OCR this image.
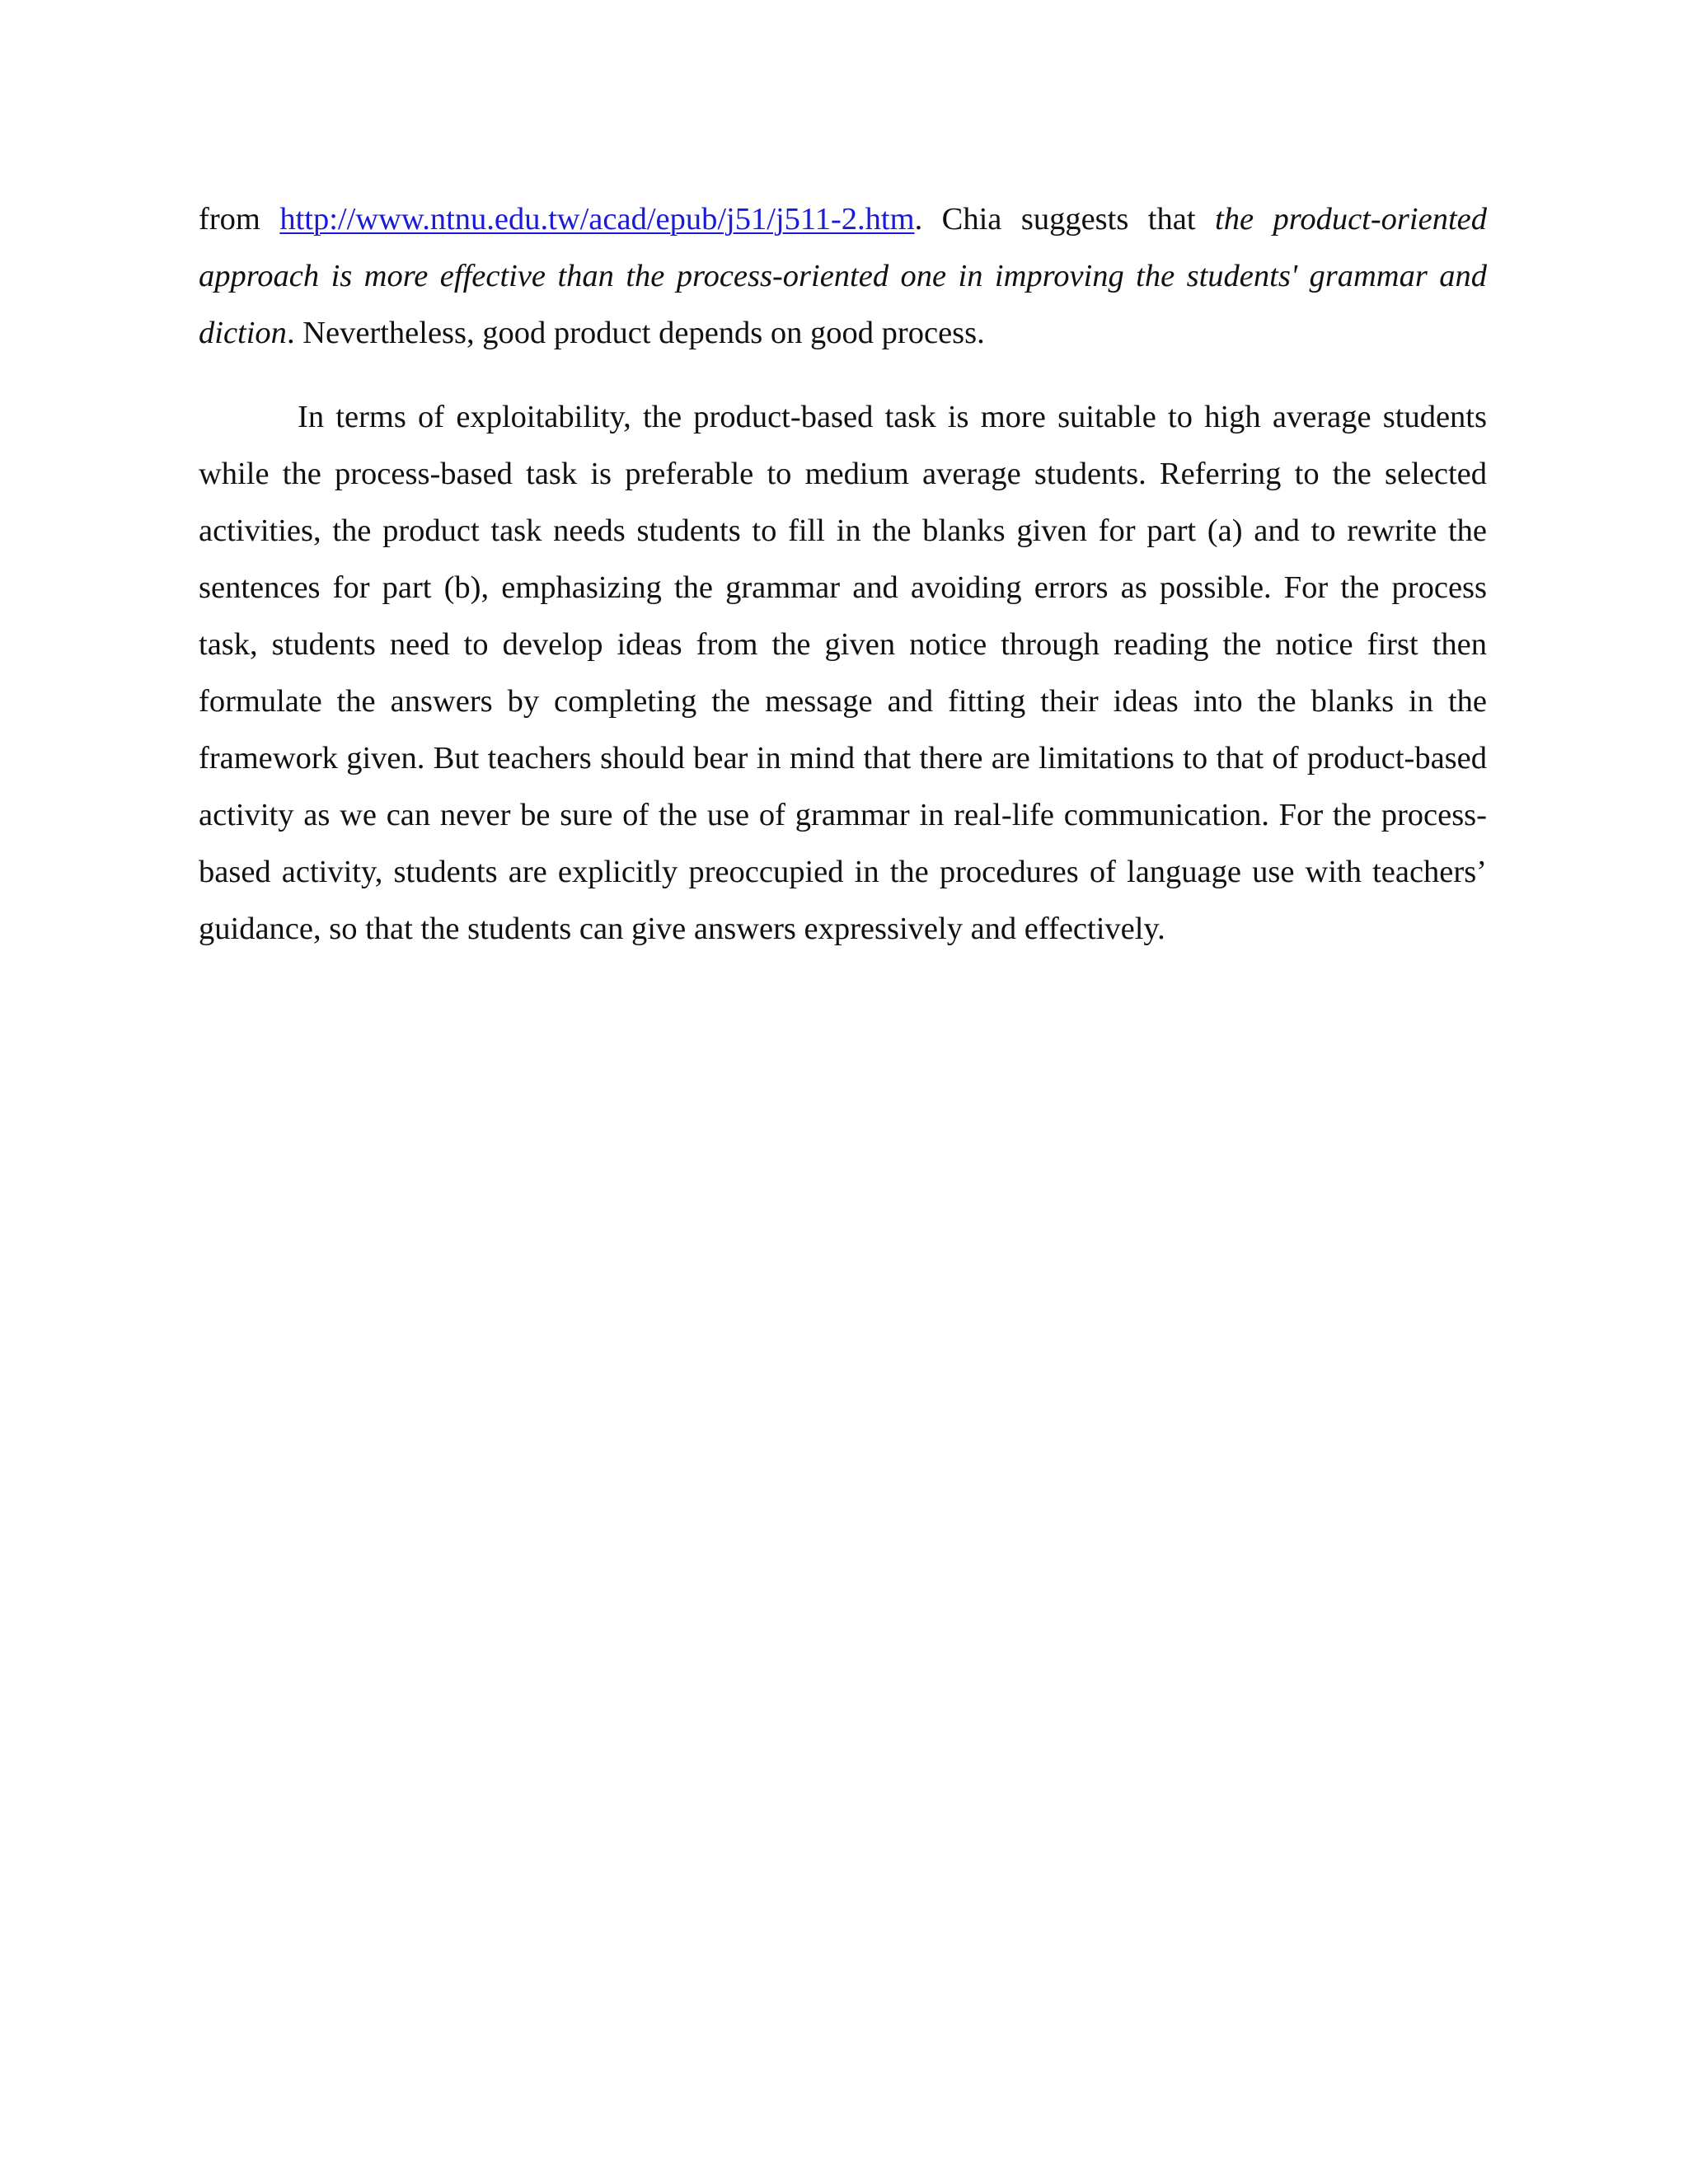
from http://www.ntnu.edu.tw/acad/epub/j51/j511-2.htm. Chia suggests that the product-oriented approach is more effective than the process-oriented one in improving the students' grammar and diction. Nevertheless, good product depends on good process.

In terms of exploitability, the product-based task is more suitable to high average students while the process-based task is preferable to medium average students. Referring to the selected activities, the product task needs students to fill in the blanks given for part (a) and to rewrite the sentences for part (b), emphasizing the grammar and avoiding errors as possible. For the process task, students need to develop ideas from the given notice through reading the notice first then formulate the answers by completing the message and fitting their ideas into the blanks in the framework given. But teachers should bear in mind that there are limitations to that of product-based activity as we can never be sure of the use of grammar in real-life communication. For the process-based activity, students are explicitly preoccupied in the procedures of language use with teachers’ guidance, so that the students can give answers expressively and effectively.
